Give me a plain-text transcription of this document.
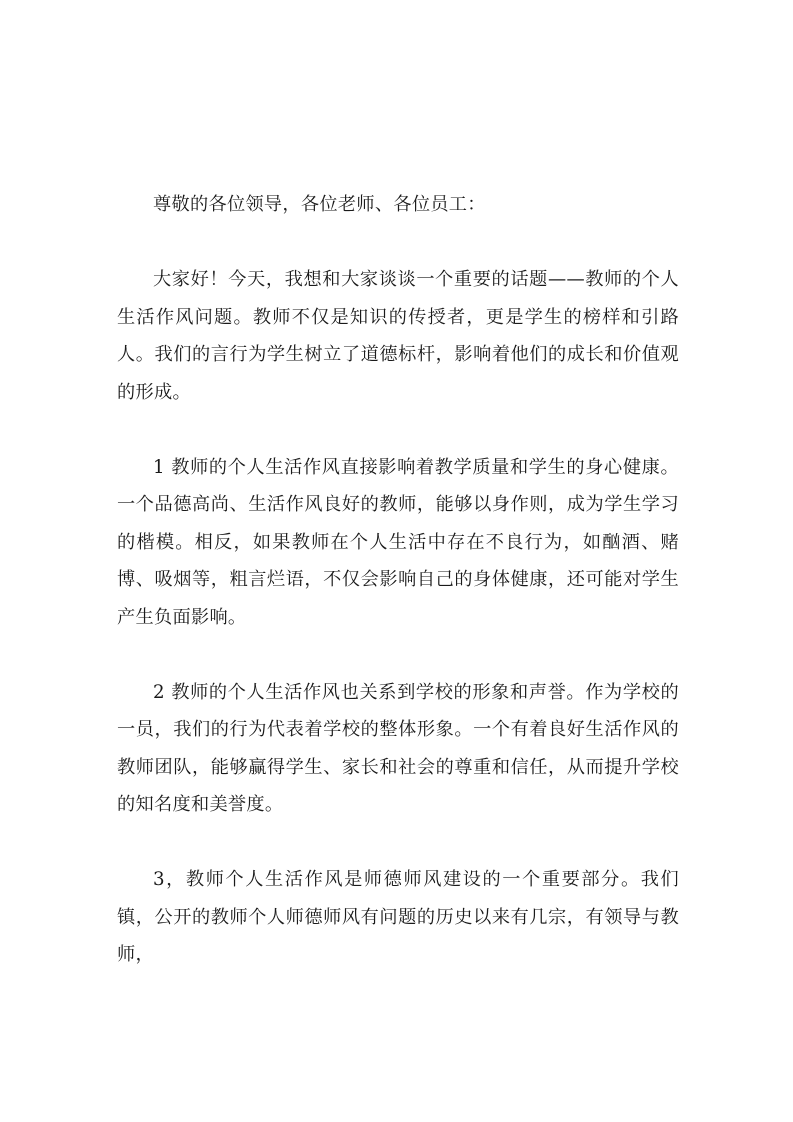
尊敬的各位领导，各位老师、各位员工：

大家好！今天，我想和大家谈谈一个重要的话题——教师的个人生活作风问题。教师不仅是知识的传授者，更是学生的榜样和引路人。我们的言行为学生树立了道德标杆，影响着他们的成长和价值观的形成。

1 教师的个人生活作风直接影响着教学质量和学生的身心健康。一个品德高尚、生活作风良好的教师，能够以身作则，成为学生学习的楷模。相反，如果教师在个人生活中存在不良行为，如酗酒、赌博、吸烟等，粗言烂语，不仅会影响自己的身体健康，还可能对学生产生负面影响。

2 教师的个人生活作风也关系到学校的形象和声誉。作为学校的一员，我们的行为代表着学校的整体形象。一个有着良好生活作风的教师团队，能够赢得学生、家长和社会的尊重和信任，从而提升学校的知名度和美誉度。

3，教师个人生活作风是师德师风建设的一个重要部分。我们镇，公开的教师个人师德师风有问题的历史以来有几宗，有领导与教师，
